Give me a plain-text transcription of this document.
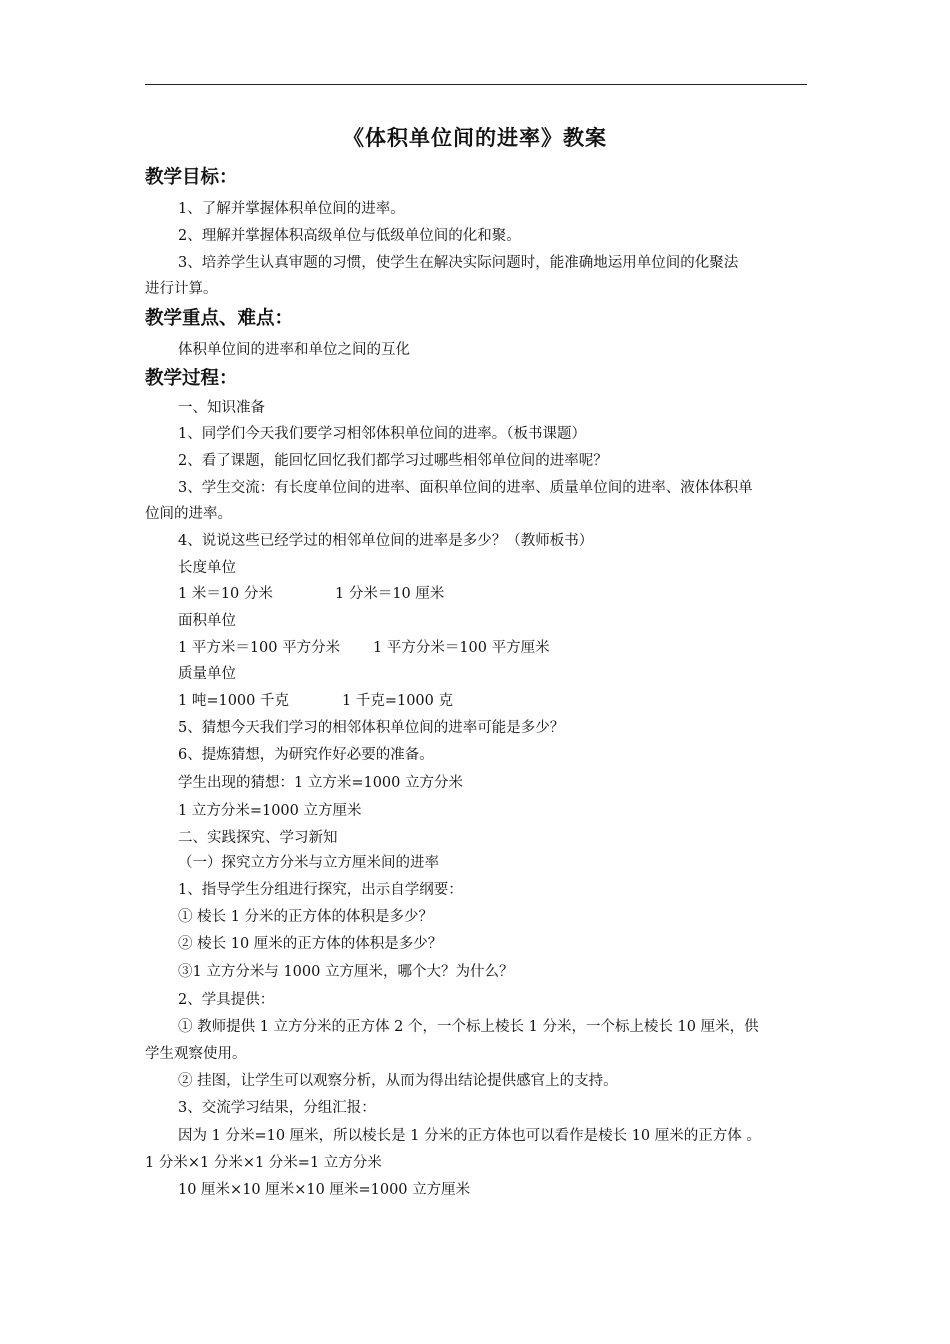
《体积单位间的进率》教案
教学目标：
1、了解并掌握体积单位间的进率。
2、理解并掌握体积高级单位与低级单位间的化和聚。
3、培养学生认真审题的习惯，使学生在解决实际问题时，能准确地运用单位间的化聚法
进行计算。
教学重点、难点：
体积单位间的进率和单位之间的互化
教学过程：
一、知识准备
1、同学们今天我们要学习相邻体积单位间的进率。（板书课题）
2、看了课题，能回忆回忆我们都学习过哪些相邻单位间的进率呢？
3、学生交流：有长度单位间的进率、面积单位间的进率、质量单位间的进率、液体体积单
位间的进率。
4、说说这些已经学过的相邻单位间的进率是多少？（教师板书）
长度单位
1 米＝10 分米	1 分米＝10 厘米
面积单位
1 平方米＝100 平方分米 1 平方分米＝100 平方厘米
质量单位
1 吨=1000 千克	1 千克=1000 克
5、猜想今天我们学习的相邻体积单位间的进率可能是多少？
6、提炼猜想，为研究作好必要的准备。
学生出现的猜想：1 立方米=1000 立方分米
1 立方分米=1000 立方厘米
二、实践探究、学习新知
（一）探究立方分米与立方厘米间的进率
1、指导学生分组进行探究，出示自学纲要：
① 棱长 1 分米的正方体的体积是多少？
② 棱长 10 厘米的正方体的体积是多少？
③1 立方分米与 1000 立方厘米，哪个大？为什么？
2、学具提供：
① 教师提供 1 立方分米的正方体 2 个，一个标上棱长 1 分米，一个标上棱长 10 厘米，供
学生观察使用。
② 挂图，让学生可以观察分析，从而为得出结论提供感官上的支持。
3、交流学习结果，分组汇报：
因为 1 分米=10 厘米，所以棱长是 1 分米的正方体也可以看作是棱长 10 厘米的正方体 。
1 分米×1 分米×1 分米=1 立方分米
10 厘米×10 厘米×10 厘米=1000 立方厘米
